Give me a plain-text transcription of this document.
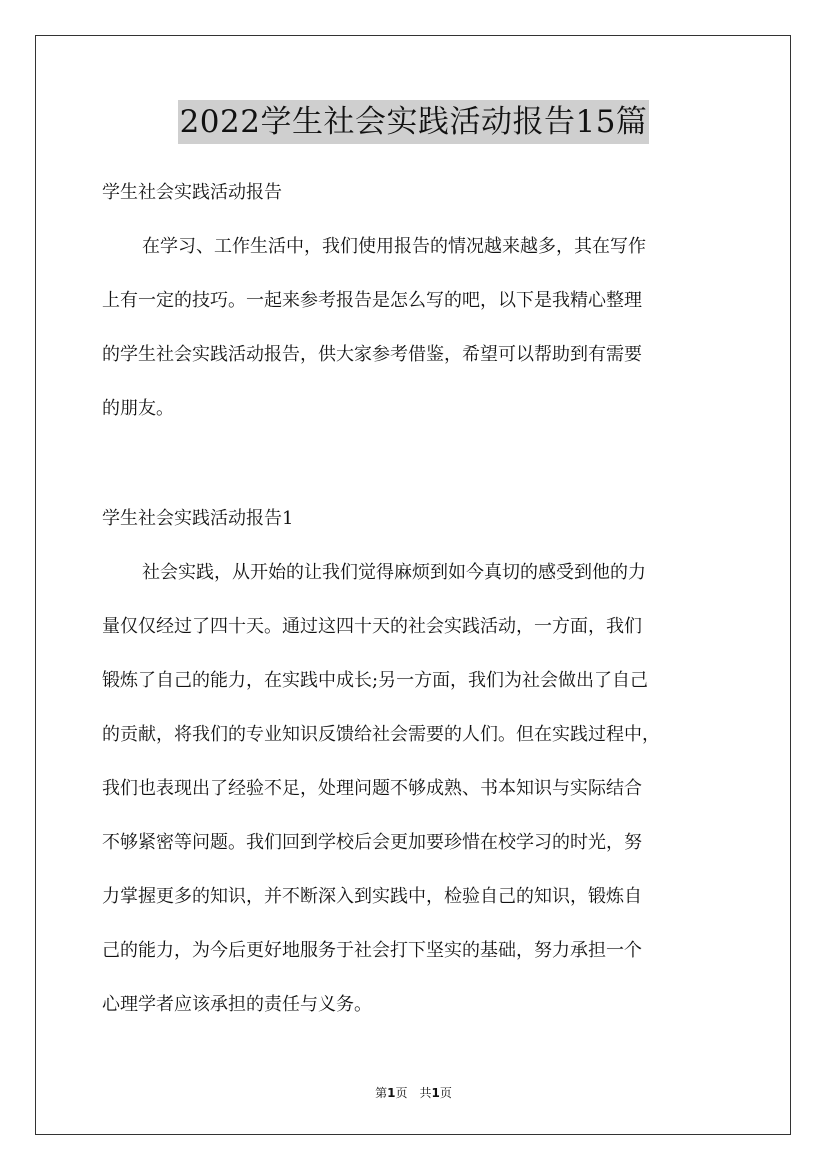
2022学生社会实践活动报告15篇

学生社会实践活动报告

在学习、工作生活中，我们使用报告的情况越来越多，其在写作
上有一定的技巧。一起来参考报告是怎么写的吧，以下是我精心整理
的学生社会实践活动报告，供大家参考借鉴，希望可以帮助到有需要
的朋友。

学生社会实践活动报告1

社会实践，从开始的让我们觉得麻烦到如今真切的感受到他的力
量仅仅经过了四十天。通过这四十天的社会实践活动，一方面，我们
锻炼了自己的能力，在实践中成长;另一方面，我们为社会做出了自己
的贡献，将我们的专业知识反馈给社会需要的人们。但在实践过程中，
我们也表现出了经验不足，处理问题不够成熟、书本知识与实际结合
不够紧密等问题。我们回到学校后会更加要珍惜在校学习的时光，努
力掌握更多的知识，并不断深入到实践中，检验自己的知识，锻炼自
己的能力，为今后更好地服务于社会打下坚实的基础，努力承担一个
心理学者应该承担的责任与义务。
第1页　共1页
